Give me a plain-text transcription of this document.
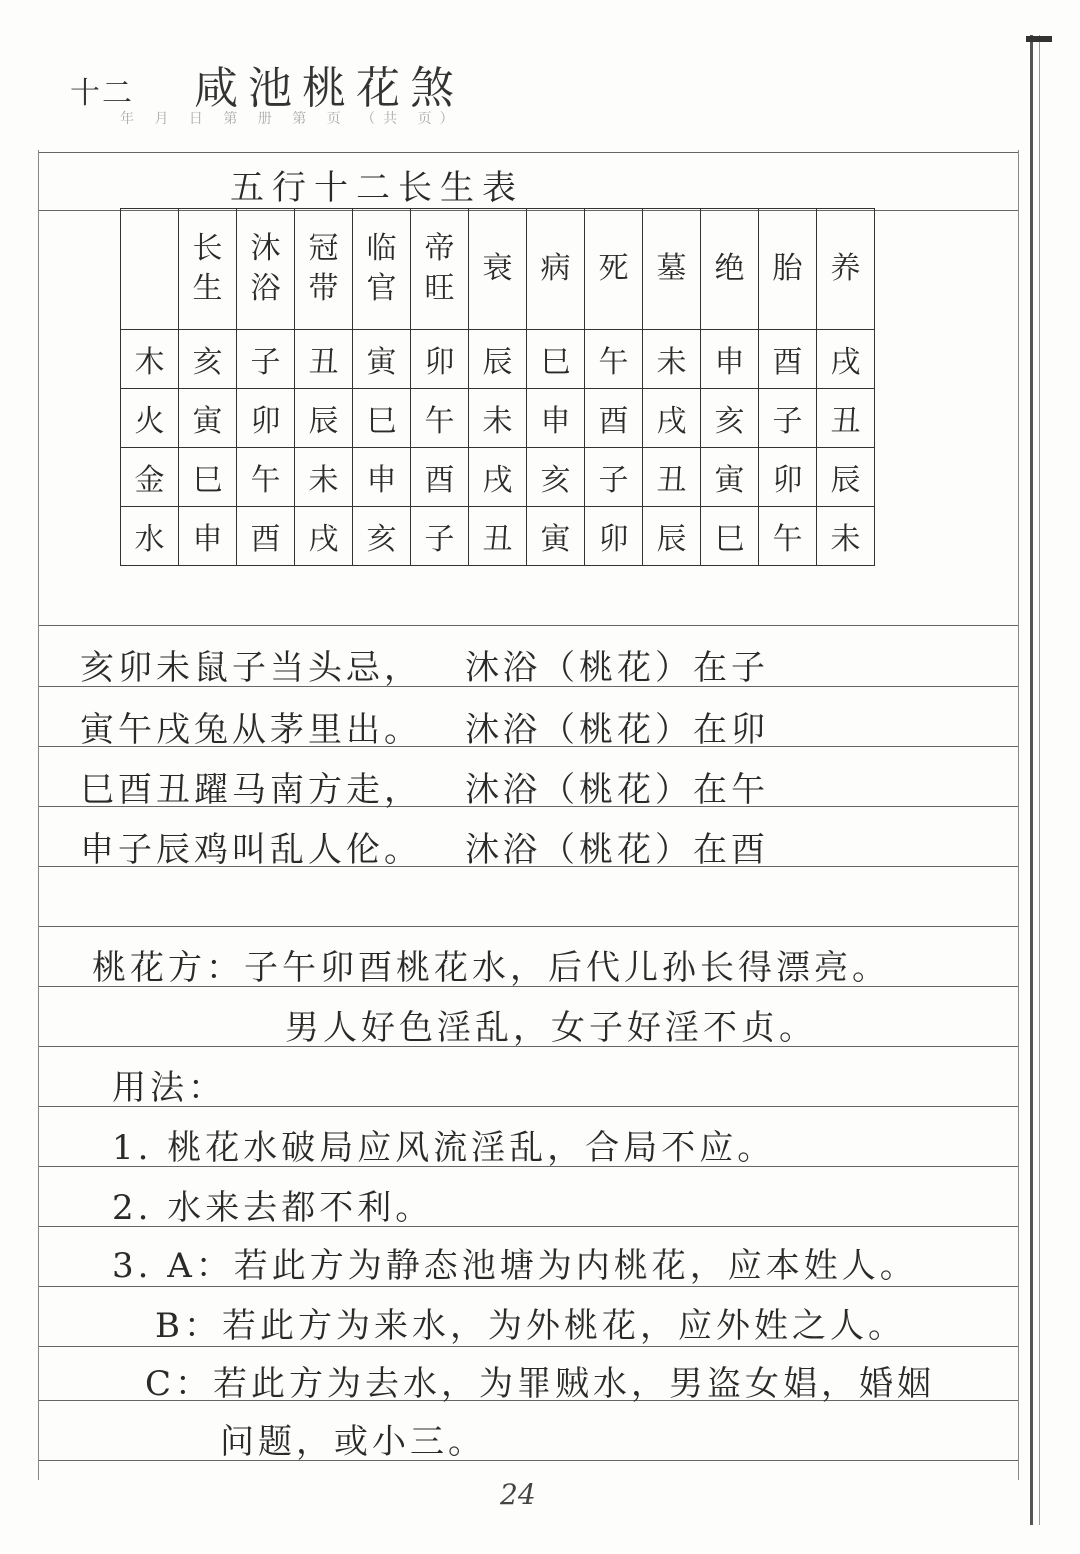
十二 咸池桃花煞
年 月 日 第 册 第 页 （共 页）
五行十二长生表
	长生	沐浴	冠带	临官	帝旺	衰	病	死	墓	绝	胎	养
木	亥	子	丑	寅	卯	辰	巳	午	未	申	酉	戌
火	寅	卯	辰	巳	午	未	申	酉	戌	亥	子	丑
金	巳	午	未	申	酉	戌	亥	子	丑	寅	卯	辰
水	申	酉	戌	亥	子	丑	寅	卯	辰	巳	午	未
亥卯未鼠子当头忌， 沐浴（桃花）在子
寅午戌兔从茅里出。 沐浴（桃花）在卯
巳酉丑躍马南方走， 沐浴（桃花）在午
申子辰鸡叫乱人伦。 沐浴（桃花）在酉
桃花方：子午卯酉桃花水，后代儿孙长得漂亮。
男人好色淫乱，女子好淫不贞。
用法：
1. 桃花水破局应风流淫乱，合局不应。
2. 水来去都不利。
3. A：若此方为静态池塘为内桃花，应本姓人。
B：若此方为来水，为外桃花，应外姓之人。
C：若此方为去水，为罪贼水，男盗女娼，婚姻
问题，或小三。
24
